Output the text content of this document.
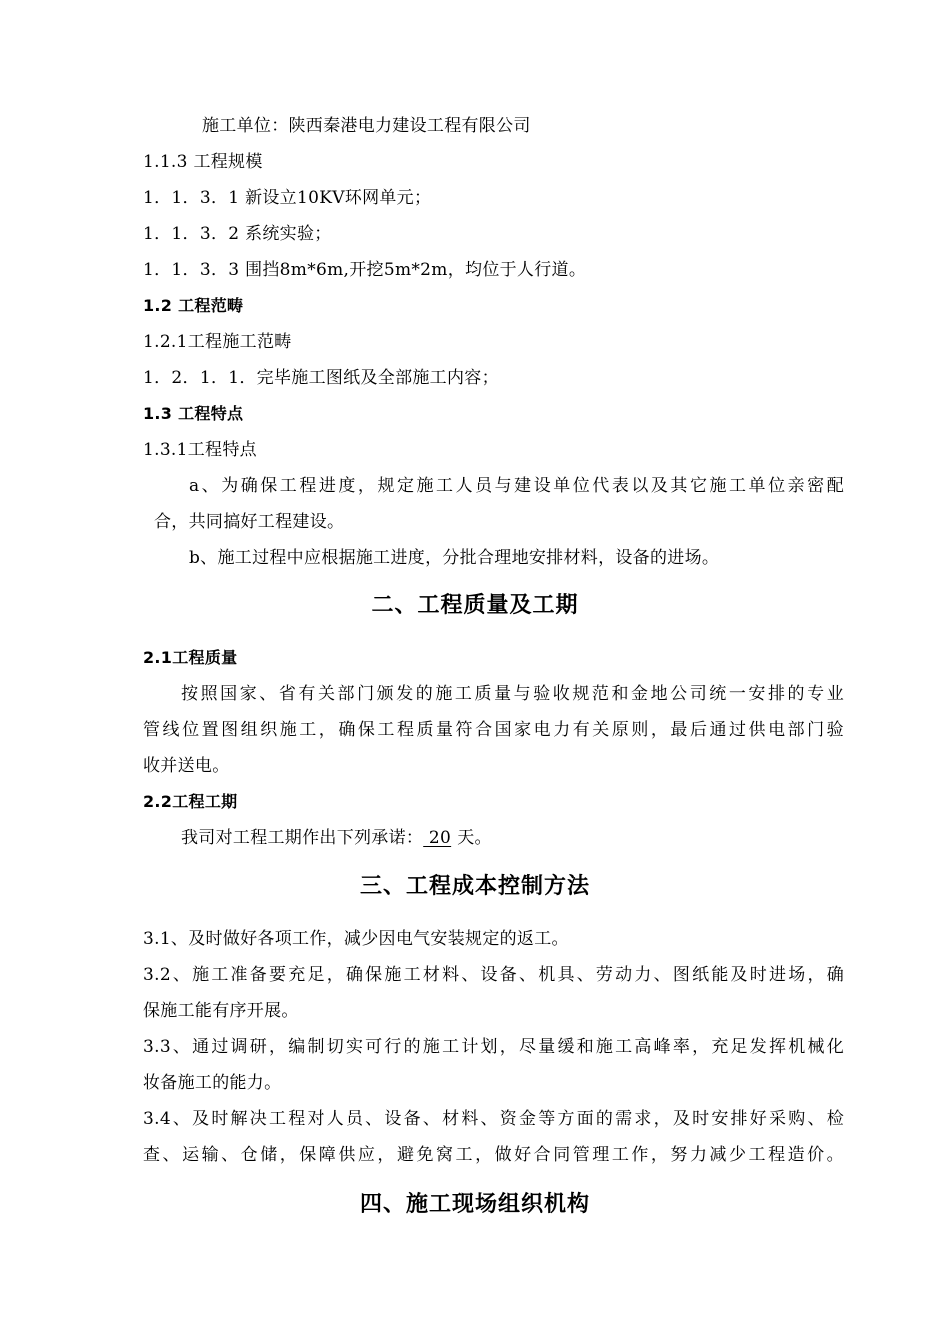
施工单位：陕西秦港电力建设工程有限公司
1.1.3 工程规模
1．1．3．1 新设立10KV环网单元；
1．1．3．2 系统实验；
1．1．3．3 围挡8m*6m,开挖5m*2m，均位于人行道。
1.2 工程范畴
1.2.1工程施工范畴
1．2．1．1．完毕施工图纸及全部施工内容；
1.3 工程特点
1.3.1工程特点
a、为确保工程进度，规定施工人员与建设单位代表以及其它施工单位亲密配
合，共同搞好工程建设。
b、施工过程中应根据施工进度，分批合理地安排材料，设备的进场。
二、工程质量及工期
2.1工程质量
按照国家、省有关部门颁发的施工质量与验收规范和金地公司统一安排的专业
管线位置图组织施工，确保工程质量符合国家电力有关原则，最后通过供电部门验
收并送电。
2.2工程工期
我司对工程工期作出下列承诺： 20 天。
三、工程成本控制方法
3.1、及时做好各项工作，减少因电气安装规定的返工。
3.2、施工准备要充足，确保施工材料、设备、机具、劳动力、图纸能及时进场，确
保施工能有序开展。
3.3、通过调研，编制切实可行的施工计划，尽量缓和施工高峰率，充足发挥机械化
妆备施工的能力。
3.4、及时解决工程对人员、设备、材料、资金等方面的需求，及时安排好采购、检
查、运输、仓储，保障供应，避免窝工，做好合同管理工作，努力减少工程造价。
四、施工现场组织机构
